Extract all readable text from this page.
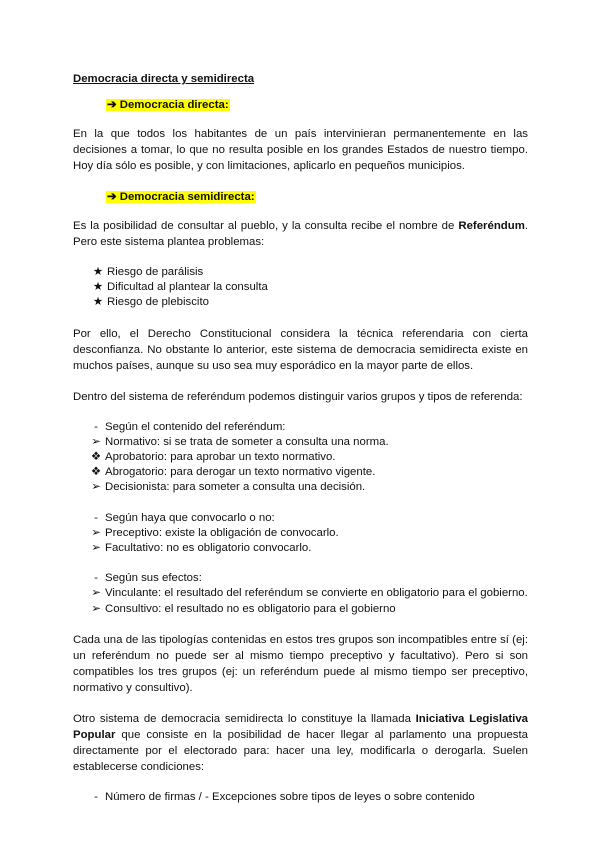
Democracia directa y semidirecta
➔ Democracia directa:

En la que todos los habitantes de un país intervinieran permanentemente en las decisiones a tomar, lo que no resulta posible en los grandes Estados de nuestro tiempo. Hoy día sólo es posible, y con limitaciones, aplicarlo en pequeños municipios.

➔ Democracia semidirecta:

Es la posibilidad de consultar al pueblo, y la consulta recibe el nombre de Referéndum. Pero este sistema plantea problemas:

★ Riesgo de parálisis
★ Dificultad al plantear la consulta
★ Riesgo de plebiscito

Por ello, el Derecho Constitucional considera la técnica referendaria con cierta desconfianza. No obstante lo anterior, este sistema de democracia semidirecta existe en muchos países, aunque su uso sea muy esporádico en la mayor parte de ellos.

Dentro del sistema de referéndum podemos distinguir varios grupos y tipos de referenda:

- Según el contenido del referéndum:
➢ Normativo: si se trata de someter a consulta una norma.
❖ Aprobatorio: para aprobar un texto normativo.
❖ Abrogatorio: para derogar un texto normativo vigente.
➢ Decisionista: para someter a consulta una decisión.
- Según haya que convocarlo o no:
➢ Preceptivo: existe la obligación de convocarlo.
➢ Facultativo: no es obligatorio convocarlo.
- Según sus efectos:
➢ Vinculante: el resultado del referéndum se convierte en obligatorio para el gobierno.
➢ Consultivo: el resultado no es obligatorio para el gobierno

Cada una de las tipologías contenidas en estos tres grupos son incompatibles entre sí (ej: un referéndum no puede ser al mismo tiempo preceptivo y facultativo). Pero si son compatibles los tres grupos (ej: un referéndum puede al mismo tiempo ser preceptivo, normativo y consultivo).

Otro sistema de democracia semidirecta lo constituye la llamada Iniciativa Legislativa Popular que consiste en la posibilidad de hacer llegar al parlamento una propuesta directamente por el electorado para: hacer una ley, modificarla o derogarla. Suelen establecerse condiciones:

- Número de firmas / - Excepciones sobre tipos de leyes o sobre contenido
